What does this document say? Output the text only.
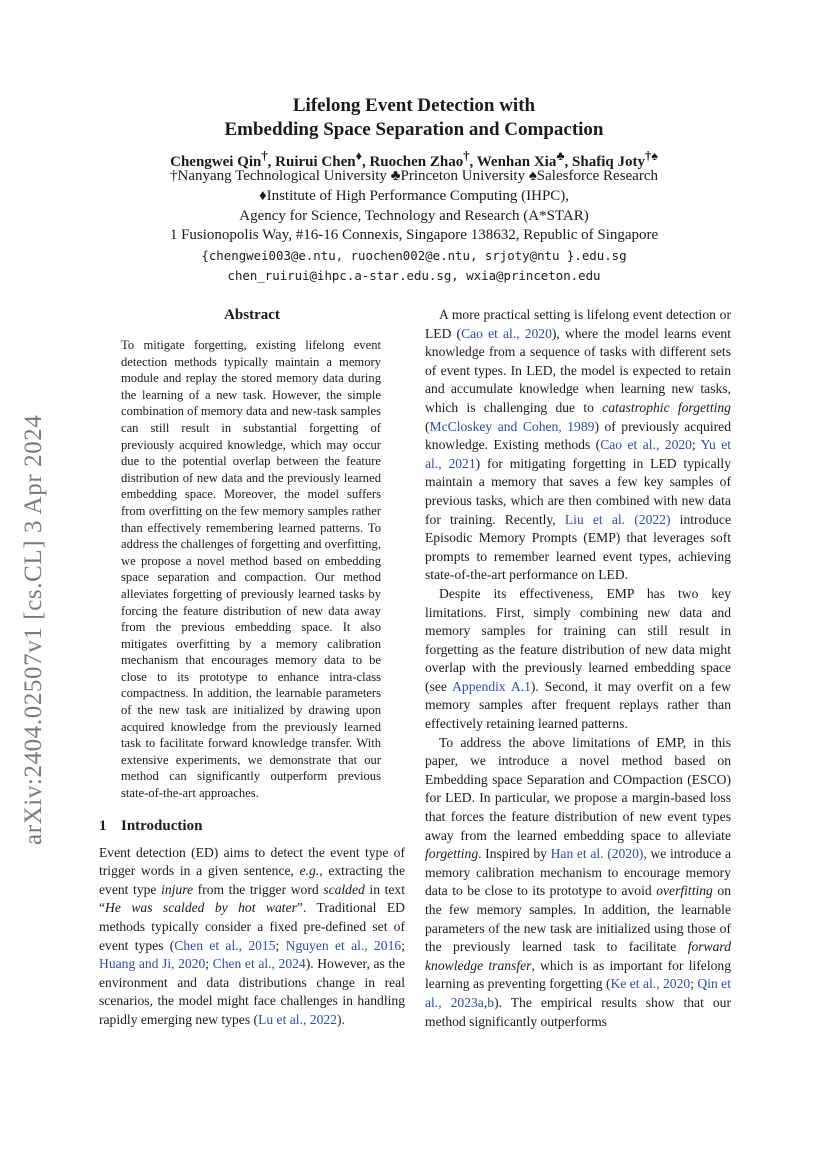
arXiv:2404.02507v1 [cs.CL] 3 Apr 2024
Lifelong Event Detection with
Embedding Space Separation and Compaction
Chengwei Qin†, Ruirui Chen♦, Ruochen Zhao†, Wenhan Xia♣, Shafiq Joty†♠
†Nanyang Technological University ♣Princeton University ♠Salesforce Research
♦Institute of High Performance Computing (IHPC),
Agency for Science, Technology and Research (A*STAR)
1 Fusionopolis Way, #16-16 Connexis, Singapore 138632, Republic of Singapore
{chengwei003@e.ntu, ruochen002@e.ntu, srjoty@ntu }.edu.sg
chen_ruirui@ihpc.a-star.edu.sg, wxia@princeton.edu
Abstract

To mitigate forgetting, existing lifelong event detection methods typically maintain a memory module and replay the stored memory data during the learning of a new task. However, the simple combination of memory data and new-task samples can still result in substantial forgetting of previously acquired knowledge, which may occur due to the potential overlap between the feature distribution of new data and the previously learned embedding space. Moreover, the model suffers from overfitting on the few memory samples rather than effectively remembering learned patterns. To address the challenges of forgetting and overfitting, we propose a novel method based on embedding space separation and compaction. Our method alleviates forgetting of previously learned tasks by forcing the feature distribution of new data away from the previous embedding space. It also mitigates overfitting by a memory calibration mechanism that encourages memory data to be close to its prototype to enhance intra-class compactness. In addition, the learnable parameters of the new task are initialized by drawing upon acquired knowledge from the previously learned task to facilitate forward knowledge transfer. With extensive experiments, we demonstrate that our method can significantly outperform previous state-of-the-art approaches.

1 Introduction

Event detection (ED) aims to detect the event type of trigger words in a given sentence, e.g., extracting the event type injure from the trigger word scalded in text “He was scalded by hot water”. Traditional ED methods typically consider a fixed pre-defined set of event types (Chen et al., 2015; Nguyen et al., 2016; Huang and Ji, 2020; Chen et al., 2024). However, as the environment and data distributions change in real scenarios, the model might face challenges in handling rapidly emerging new types (Lu et al., 2022).

A more practical setting is lifelong event detection or LED (Cao et al., 2020), where the model learns event knowledge from a sequence of tasks with different sets of event types. In LED, the model is expected to retain and accumulate knowledge when learning new tasks, which is challenging due to catastrophic forgetting (McCloskey and Cohen, 1989) of previously acquired knowledge. Existing methods (Cao et al., 2020; Yu et al., 2021) for mitigating forgetting in LED typically maintain a memory that saves a few key samples of previous tasks, which are then combined with new data for training. Recently, Liu et al. (2022) introduce Episodic Memory Prompts (EMP) that leverages soft prompts to remember learned event types, achieving state-of-the-art performance on LED.

Despite its effectiveness, EMP has two key limitations. First, simply combining new data and memory samples for training can still result in forgetting as the feature distribution of new data might overlap with the previously learned embedding space (see Appendix A.1). Second, it may overfit on a few memory samples after frequent replays rather than effectively retaining learned patterns.

To address the above limitations of EMP, in this paper, we introduce a novel method based on Embedding space Separation and COmpaction (ESCO) for LED. In particular, we propose a margin-based loss that forces the feature distribution of new event types away from the learned embedding space to alleviate forgetting. Inspired by Han et al. (2020), we introduce a memory calibration mechanism to encourage memory data to be close to its prototype to avoid overfitting on the few memory samples. In addition, the learnable parameters of the new task are initialized using those of the previously learned task to facilitate forward knowledge transfer, which is as important for lifelong learning as preventing forgetting (Ke et al., 2020; Qin et al., 2023a,b). The empirical results show that our method significantly outperforms
